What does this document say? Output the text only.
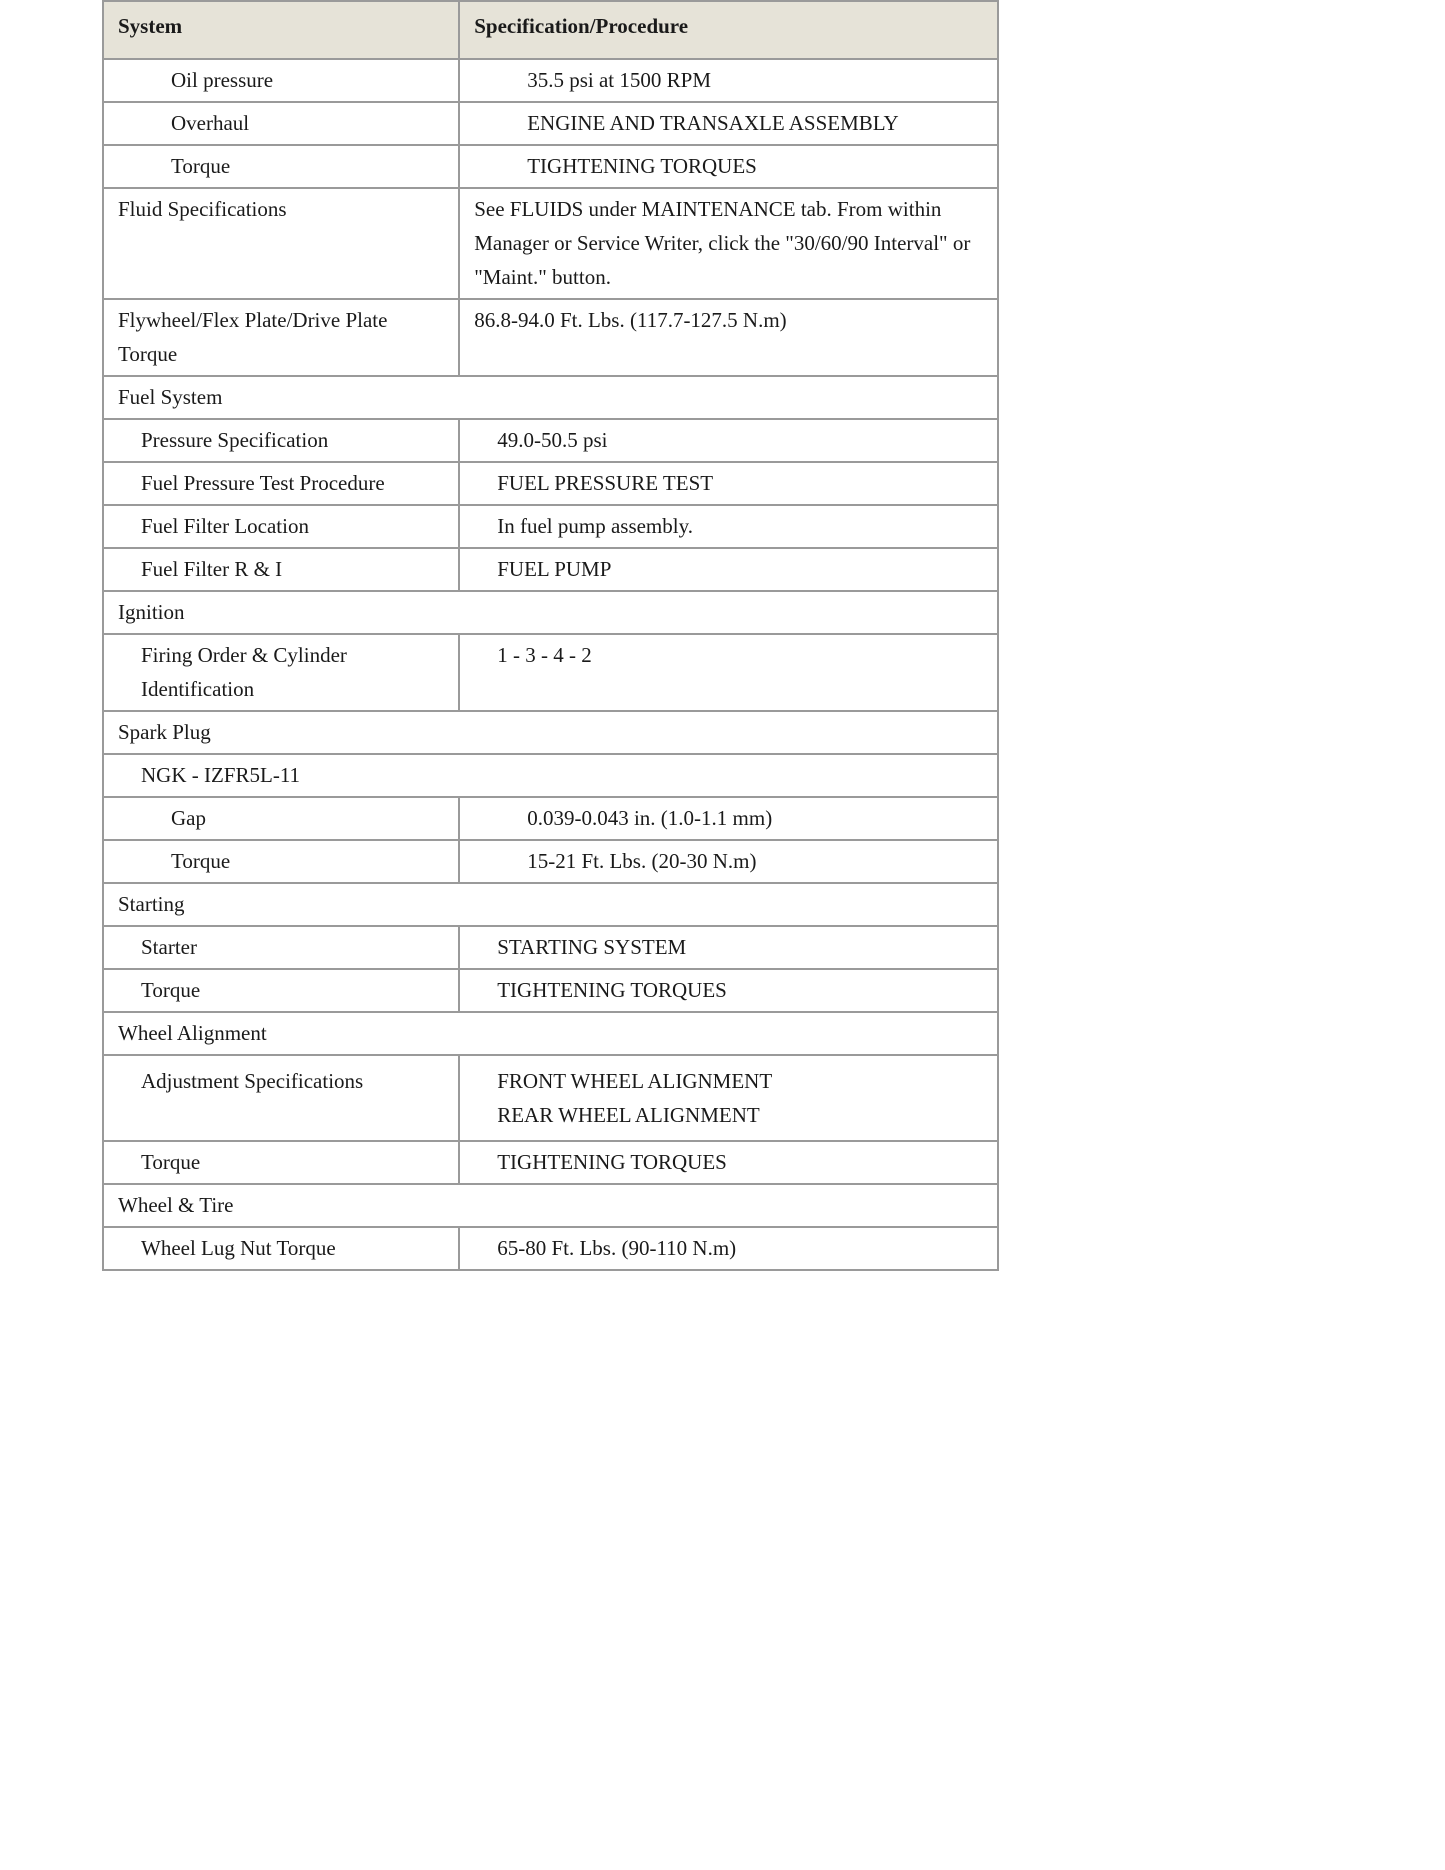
System	Specification/Procedure
Oil pressure	35.5 psi at 1500 RPM

Overhaul	ENGINE AND TRANSAXLE ASSEMBLY

Torque	TIGHTENING TORQUES

Fluid Specifications	See FLUIDS under MAINTENANCE tab. From within Manager or Service Writer, click the "30/60/90 Interval" or "Maint." button.

Flywheel/Flex Plate/Drive Plate Torque	86.8-94.0 Ft. Lbs. (117.7-127.5 N.m)

Fuel System	
Pressure Specification	49.0-50.5 psi

Fuel Pressure Test Procedure	FUEL PRESSURE TEST

Fuel Filter Location	In fuel pump assembly.

Fuel Filter R & I	FUEL PUMP

Ignition	
Firing Order & Cylinder Identification	1 - 3 - 4 - 2

Spark Plug	
NGK - IZFR5L-11	
Gap	0.039-0.043 in. (1.0-1.1 mm)

Torque	15-21 Ft. Lbs. (20-30 N.m)

Starting	
Starter	STARTING SYSTEM

Torque	TIGHTENING TORQUES

Wheel Alignment	
Adjustment Specifications	FRONT WHEEL ALIGNMENT
REAR WHEEL ALIGNMENT

Torque	TIGHTENING TORQUES

Wheel & Tire	
Wheel Lug Nut Torque	65-80 Ft. Lbs. (90-110 N.m)
